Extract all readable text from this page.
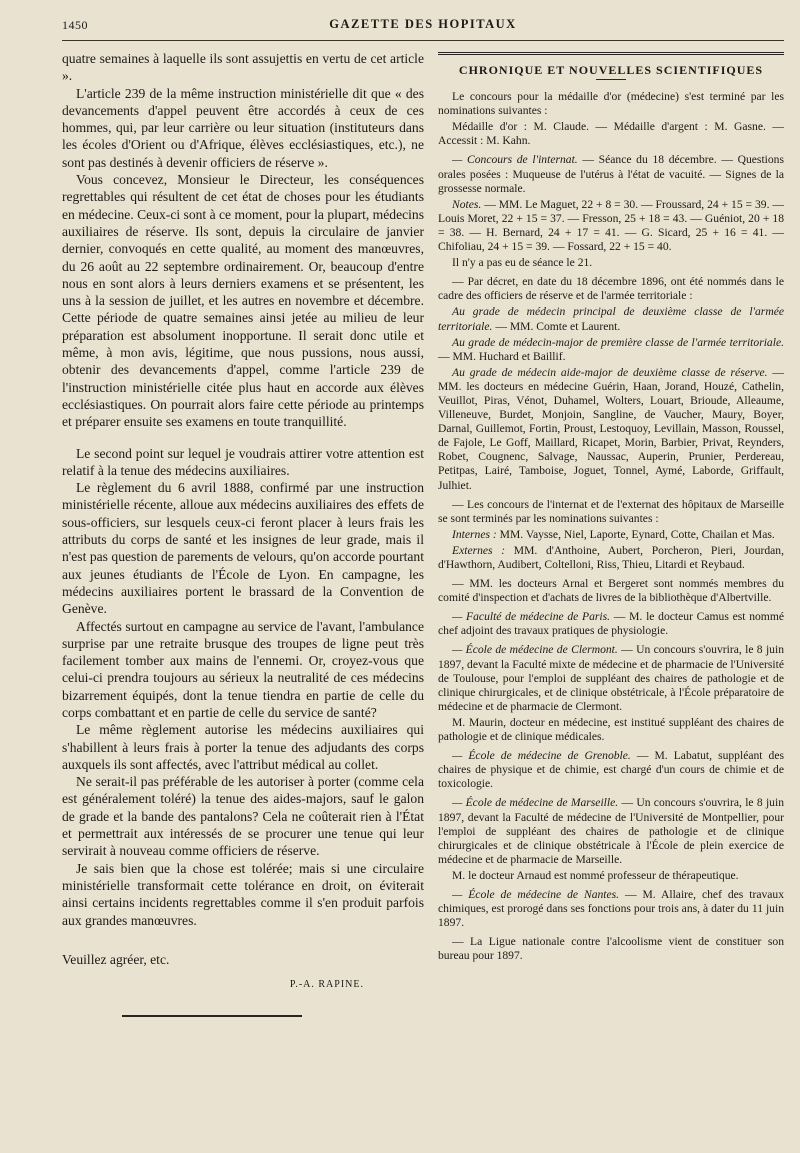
1450	GAZETTE DES HOPITAUX

quatre semaines à laquelle ils sont assujettis en vertu de cet article ».

L'article 239 de la même instruction ministérielle dit que « des devancements d'appel peuvent être accordés à ceux de ces hommes, qui, par leur carrière ou leur situation (instituteurs dans les écoles d'Orient ou d'Afrique, élèves ecclésiastiques, etc.), ne sont pas destinés à devenir officiers de réserve ».

Vous concevez, Monsieur le Directeur, les conséquences regrettables qui résultent de cet état de choses pour les étudiants en médecine. Ceux-ci sont à ce moment, pour la plupart, médecins auxiliaires de réserve. Ils sont, depuis la circulaire de janvier dernier, convoqués en cette qualité, au moment des manœuvres, du 26 août au 22 septembre ordinairement. Or, beaucoup d'entre nous en sont alors à leurs derniers examens et se présentent, les uns à la session de juillet, et les autres en novembre et décembre. Cette période de quatre semaines ainsi jetée au milieu de leur préparation est absolument inopportune. Il serait donc utile et même, à mon avis, légitime, que nous pussions, nous aussi, obtenir des devancements d'appel, comme l'article 239 de l'instruction ministérielle citée plus haut en accorde aux élèves ecclésiastiques. On pourrait alors faire cette période au printemps et préparer ensuite ses examens en toute tranquillité.

Le second point sur lequel je voudrais attirer votre attention est relatif à la tenue des médecins auxiliaires.

Le règlement du 6 avril 1888, confirmé par une instruction ministérielle récente, alloue aux médecins auxiliaires des effets de sous-officiers, sur lesquels ceux-ci feront placer à leurs frais les attributs du corps de santé et les insignes de leur grade, mais il n'est pas question de parements de velours, qu'on accorde pourtant aux jeunes étudiants de l'École de Lyon. En campagne, les médecins auxiliaires portent le brassard de la Convention de Genève.

Affectés surtout en campagne au service de l'avant, l'ambulance surprise par une retraite brusque des troupes de ligne peut très facilement tomber aux mains de l'ennemi. Or, croyez-vous que celui-ci prendra toujours au sérieux la neutralité de ces médecins bizarrement équipés, dont la tenue tiendra en partie de celle du corps combattant et en partie de celle du service de santé?

Le même règlement autorise les médecins auxiliaires qui s'habillent à leurs frais à porter la tenue des adjudants des corps auxquels ils sont affectés, avec l'attribut médical au collet.

Ne serait-il pas préférable de les autoriser à porter (comme cela est généralement toléré) la tenue des aides-majors, sauf le galon de grade et la bande des pantalons? Cela ne coûterait rien à l'État et permettrait aux intéressés de se procurer une tenue qui leur servirait à nouveau comme officiers de réserve.

Je sais bien que la chose est tolérée; mais si une circulaire ministérielle transformait cette tolérance en droit, on éviterait ainsi certains incidents regrettables comme il s'en produit parfois aux grandes manœuvres.

Veuillez agréer, etc.

P.-A. RAPINE.
CHRONIQUE ET NOUVELLES SCIENTIFIQUES

Le concours pour la médaille d'or (médecine) s'est terminé par les nominations suivantes :

Médaille d'or : M. Claude. — Médaille d'argent : M. Gasne. — Accessit : M. Kahn.

— Concours de l'internat. — Séance du 18 décembre. — Questions orales posées : Muqueuse de l'utérus à l'état de vacuité. — Signes de la grossesse normale.

Notes. — MM. Le Maguet, 22 + 8 = 30. — Froussard, 24 + 15 = 39. — Louis Moret, 22 + 15 = 37. — Fresson, 25 + 18 = 43. — Guéniot, 20 + 18 = 38. — H. Bernard, 24 + 17 = 41. — G. Sicard, 25 + 16 = 41. — Chifoliau, 24 + 15 = 39. — Fossard, 22 + 15 = 40.

Il n'y a pas eu de séance le 21.

— Par décret, en date du 18 décembre 1896, ont été nommés dans le cadre des officiers de réserve et de l'armée territoriale :

Au grade de médecin principal de deuxième classe de l'armée territoriale. — MM. Comte et Laurent.

Au grade de médecin-major de première classe de l'armée territoriale. — MM. Huchard et Baillif.

Au grade de médecin aide-major de deuxième classe de réserve. — MM. les docteurs en médecine Guérin, Haan, Jorand, Houzé, Cathelin, Veuillot, Piras, Vénot, Duhamel, Wolters, Louart, Brioude, Alleaume, Villeneuve, Burdet, Monjoin, Sangline, de Vaucher, Maury, Boyer, Darnal, Guillemot, Fortin, Proust, Lestoquoy, Levillain, Masson, Roussel, de Fajole, Le Goff, Maillard, Ricapet, Morin, Barbier, Privat, Reynders, Robet, Cougnenc, Salvage, Naussac, Auperin, Prunier, Perdereau, Petitpas, Lairé, Tamboise, Joguet, Tonnel, Aymé, Laborde, Griffault, Julhiet.

— Les concours de l'internat et de l'externat des hôpitaux de Marseille se sont terminés par les nominations suivantes :

Internes : MM. Vaysse, Niel, Laporte, Eynard, Cotte, Chailan et Mas.

Externes : MM. d'Anthoine, Aubert, Porcheron, Pieri, Jourdan, d'Hawthorn, Audibert, Coltelloni, Riss, Thieu, Litardi et Reybaud.

— MM. les docteurs Arnal et Bergeret sont nommés membres du comité d'inspection et d'achats de livres de la bibliothèque d'Albertville.

— Faculté de médecine de Paris. — M. le docteur Camus est nommé chef adjoint des travaux pratiques de physiologie.

— École de médecine de Clermont. — Un concours s'ouvrira, le 8 juin 1897, devant la Faculté mixte de médecine et de pharmacie de l'Université de Toulouse, pour l'emploi de suppléant des chaires de pathologie et de clinique chirurgicales, et de clinique obstétricale, à l'École préparatoire de médecine et de pharmacie de Clermont.

M. Maurin, docteur en médecine, est institué suppléant des chaires de pathologie et de clinique médicales.

— École de médecine de Grenoble. — M. Labatut, suppléant des chaires de physique et de chimie, est chargé d'un cours de chimie et de toxicologie.

— École de médecine de Marseille. — Un concours s'ouvrira, le 8 juin 1897, devant la Faculté de médecine de l'Université de Montpellier, pour l'emploi de suppléant des chaires de pathologie et de clinique chirurgicales et de clinique obstétricale à l'École de plein exercice de médecine et de pharmacie de Marseille.

M. le docteur Arnaud est nommé professeur de thérapeutique.

— École de médecine de Nantes. — M. Allaire, chef des travaux chimiques, est prorogé dans ses fonctions pour trois ans, à dater du 11 juin 1897.

— La Ligue nationale contre l'alcoolisme vient de constituer son bureau pour 1897.
